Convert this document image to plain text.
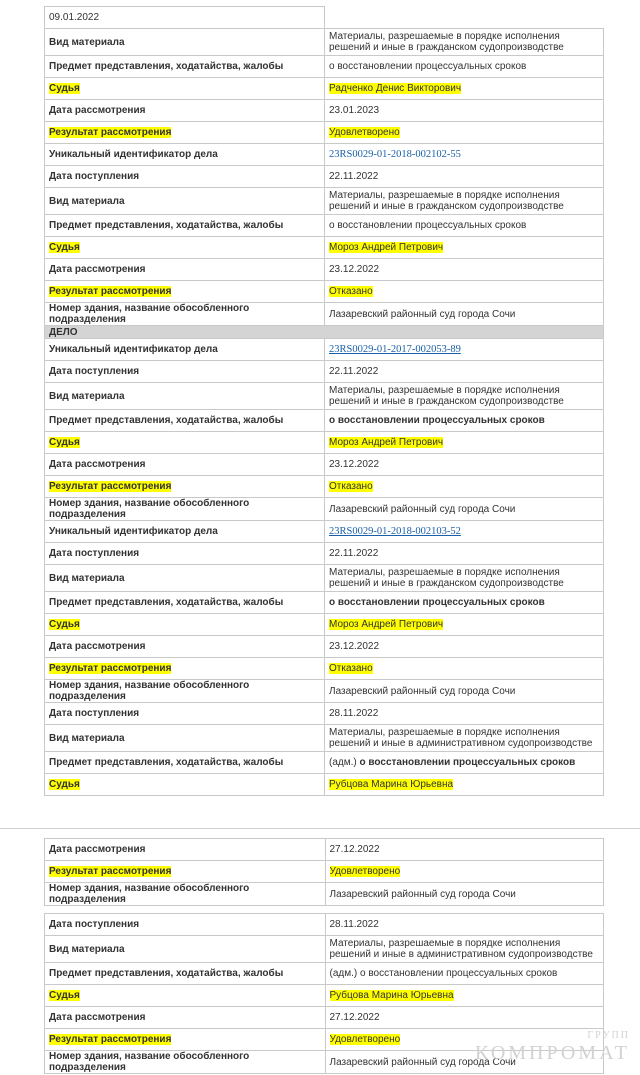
09.01.2022	
Вид материала	Материалы, разрешаемые в порядке исполнения решений и иные в гражданском судопроизводстве
Предмет представления, ходатайства, жалобы	о восстановлении процессуальных сроков
Судья	Радченко Денис Викторович
Дата рассмотрения	23.01.2023
Результат рассмотрения	Удовлетворено
Уникальный идентификатор дела	23RS0029-01-2018-002102-55
Дата поступления	22.11.2022
Вид материала	Материалы, разрешаемые в порядке исполнения решений и иные в гражданском судопроизводстве
Предмет представления, ходатайства, жалобы	о восстановлении процессуальных сроков
Судья	Мороз Андрей Петрович
Дата рассмотрения	23.12.2022
Результат рассмотрения	Отказано
Номер здания, название обособленного подразделения	Лазаревский районный суд города Сочи
ДЕЛО	
Уникальный идентификатор дела	23RS0029-01-2017-002053-89
Дата поступления	22.11.2022
Вид материала	Материалы, разрешаемые в порядке исполнения решений и иные в гражданском судопроизводстве
Предмет представления, ходатайства, жалобы	о восстановлении процессуальных сроков
Судья	Мороз Андрей Петрович
Дата рассмотрения	23.12.2022
Результат рассмотрения	Отказано
Номер здания, название обособленного подразделения	Лазаревский районный суд города Сочи
Уникальный идентификатор дела	23RS0029-01-2018-002103-52
Дата поступления	22.11.2022
Вид материала	Материалы, разрешаемые в порядке исполнения решений и иные в гражданском судопроизводстве
Предмет представления, ходатайства, жалобы	о восстановлении процессуальных сроков
Судья	Мороз Андрей Петрович
Дата рассмотрения	23.12.2022
Результат рассмотрения	Отказано
Номер здания, название обособленного подразделения	Лазаревский районный суд города Сочи
Дата поступления	28.11.2022
Вид материала	Материалы, разрешаемые в порядке исполнения решений и иные в административном судопроизводстве
Предмет представления, ходатайства, жалобы	(адм.) о восстановлении процессуальных сроков
Судья	Рубцова Марина Юрьевна
Дата рассмотрения	27.12.2022
Результат рассмотрения	Удовлетворено
Номер здания, название обособленного подразделения	Лазаревский районный суд города Сочи
Дата поступления	28.11.2022
Вид материала	Материалы, разрешаемые в порядке исполнения решений и иные в административном судопроизводстве
Предмет представления, ходатайства, жалобы	(адм.) о восстановлении процессуальных сроков
Судья	Рубцова Марина Юрьевна
Дата рассмотрения	27.12.2022
Результат рассмотрения	Удовлетворено
Номер здания, название обособленного подразделения	Лазаревский районный суд города Сочи
ГРУПП
КОМПРОМАТ
